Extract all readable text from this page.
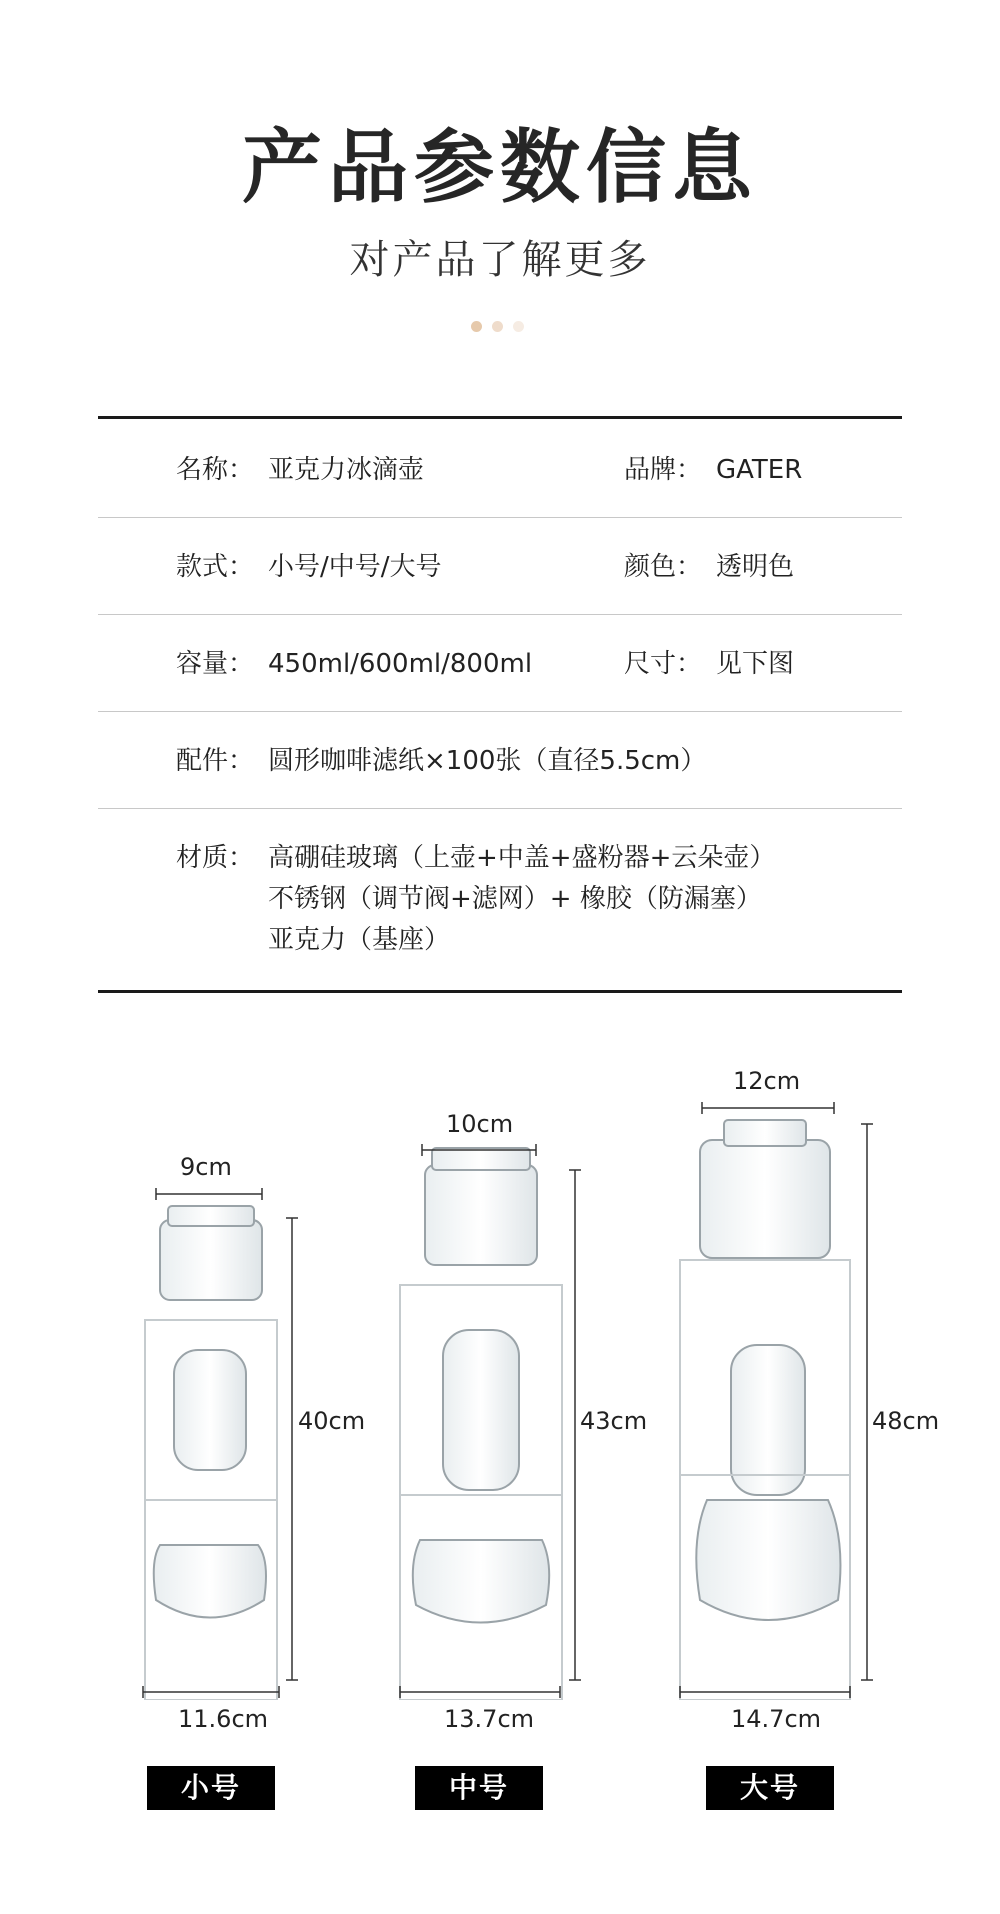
产品参数信息
对产品了解更多
名称： 亚克力冰滴壶	品牌： GATER
款式： 小号/中号/大号	颜色： 透明色
容量： 450ml/600ml/800ml	尺寸： 见下图
配件： 圆形咖啡滤纸×100张（直径5.5cm）
材质： 高硼硅玻璃（上壶+中盖+盛粉器+云朵壶）
不锈钢（调节阀+滤网）+ 橡胶（防漏塞）
亚克力（基座）
9cm
10cm
12cm
40cm	43cm	48cm
11.6cm	13.7cm	14.7cm
小号	中号	大号
